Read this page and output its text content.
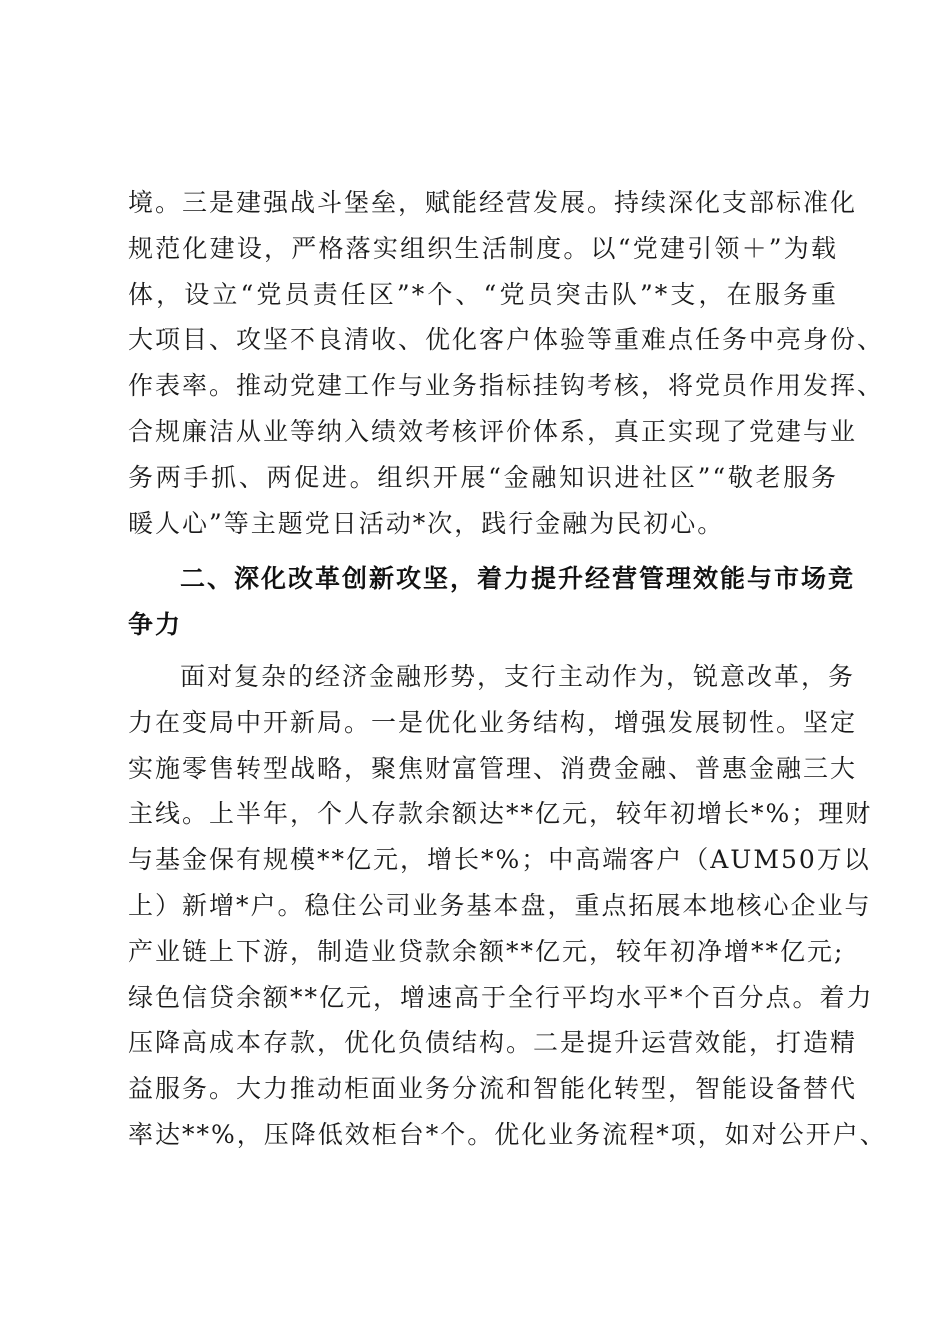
境。三是建强战斗堡垒，赋能经营发展。持续深化支部标准化
规范化建设，严格落实组织生活制度。以“党建引领＋”为载
体，设立“党员责任区”*个、“党员突击队”*支，在服务重
大项目、攻坚不良清收、优化客户体验等重难点任务中亮身份、
作表率。推动党建工作与业务指标挂钩考核，将党员作用发挥、
合规廉洁从业等纳入绩效考核评价体系，真正实现了党建与业
务两手抓、两促进。组织开展“金融知识进社区”“敬老服务
暖人心”等主题党日活动*次，践行金融为民初心。
二、深化改革创新攻坚，着力提升经营管理效能与市场竞
争力
面对复杂的经济金融形势，支行主动作为，锐意改革，务
力在变局中开新局。一是优化业务结构，增强发展韧性。坚定
实施零售转型战略，聚焦财富管理、消费金融、普惠金融三大
主线。上半年，个人存款余额达**亿元，较年初增长*%；理财
与基金保有规模**亿元，增长*%；中高端客户（AUM50万以
上）新增*户。稳住公司业务基本盘，重点拓展本地核心企业与
产业链上下游，制造业贷款余额**亿元，较年初净增**亿元;
绿色信贷余额**亿元，增速高于全行平均水平*个百分点。着力
压降高成本存款，优化负债结构。二是提升运营效能，打造精
益服务。大力推动柜面业务分流和智能化转型，智能设备替代
率达**%，压降低效柜台*个。优化业务流程*项，如对公开户、
